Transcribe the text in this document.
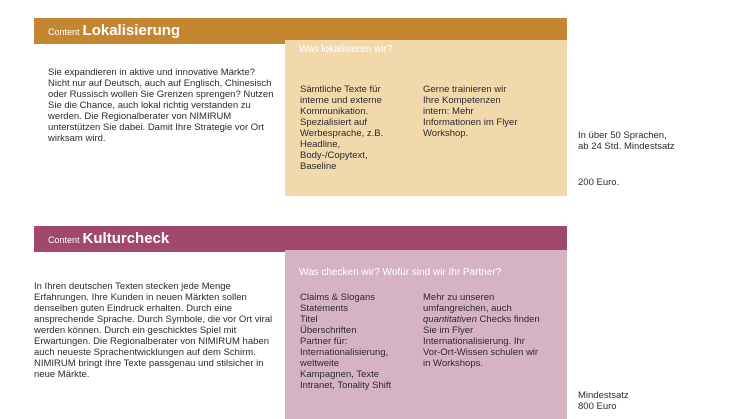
Content Lokalisierung
Sie expandieren in aktive und innovative Märkte? Nicht nur auf Deutsch, auch auf Englisch, Chinesisch oder Russisch wollen Sie Grenzen sprengen? Nutzen Sie die Chance, auch lokal richtig verstanden zu werden. Die Regionalberater von NIMIRUM unterstützen Sie dabei. Damit Ihre Strategie vor Ort wirksam wird.
Was lokalisieren wir?
Sämtliche Texte für interne und externe Kommunikation. Spezialisiert auf Werbesprache, z.B. Headline, Body-/Copytext, Baseline
Gerne trainieren wir Ihre Kompetenzen intern: Mehr Informationen im Flyer Workshop.	In über 50 Sprachen, ab 24 Std. Mindestsatz
200 Euro.
Content Kulturcheck
In Ihren deutschen Texten stecken jede Menge Erfahrungen. Ihre Kunden in neuen Märkten sollen denselben guten Eindruck erhalten. Durch eine ansprechende Sprache. Durch Symbole, die vor Ort viral werden können. Durch ein geschicktes Spiel mit Erwartungen. Die Regionalberater von NIMIRUM haben auch neueste Sprachentwicklungen auf dem Schirm. NIMIRUM bringt Ihre Texte passgenau und stilsicher in neue Märkte.
Was checken wir? Wofür sind wir Ihr Partner?
Claims & Slogans
Statements
Titel
Überschriften
Partner für:
Internationalisierung,
weltweite
Kampagnen, Texte
Intranet, Tonality Shift
Mehr zu unseren umfangreichen, auch quantitativen Checks finden Sie im Flyer Internationalisierung. Ihr Vor-Ort-Wissen schulen wir in Workshops.
Mindestsatz
800 Euro
